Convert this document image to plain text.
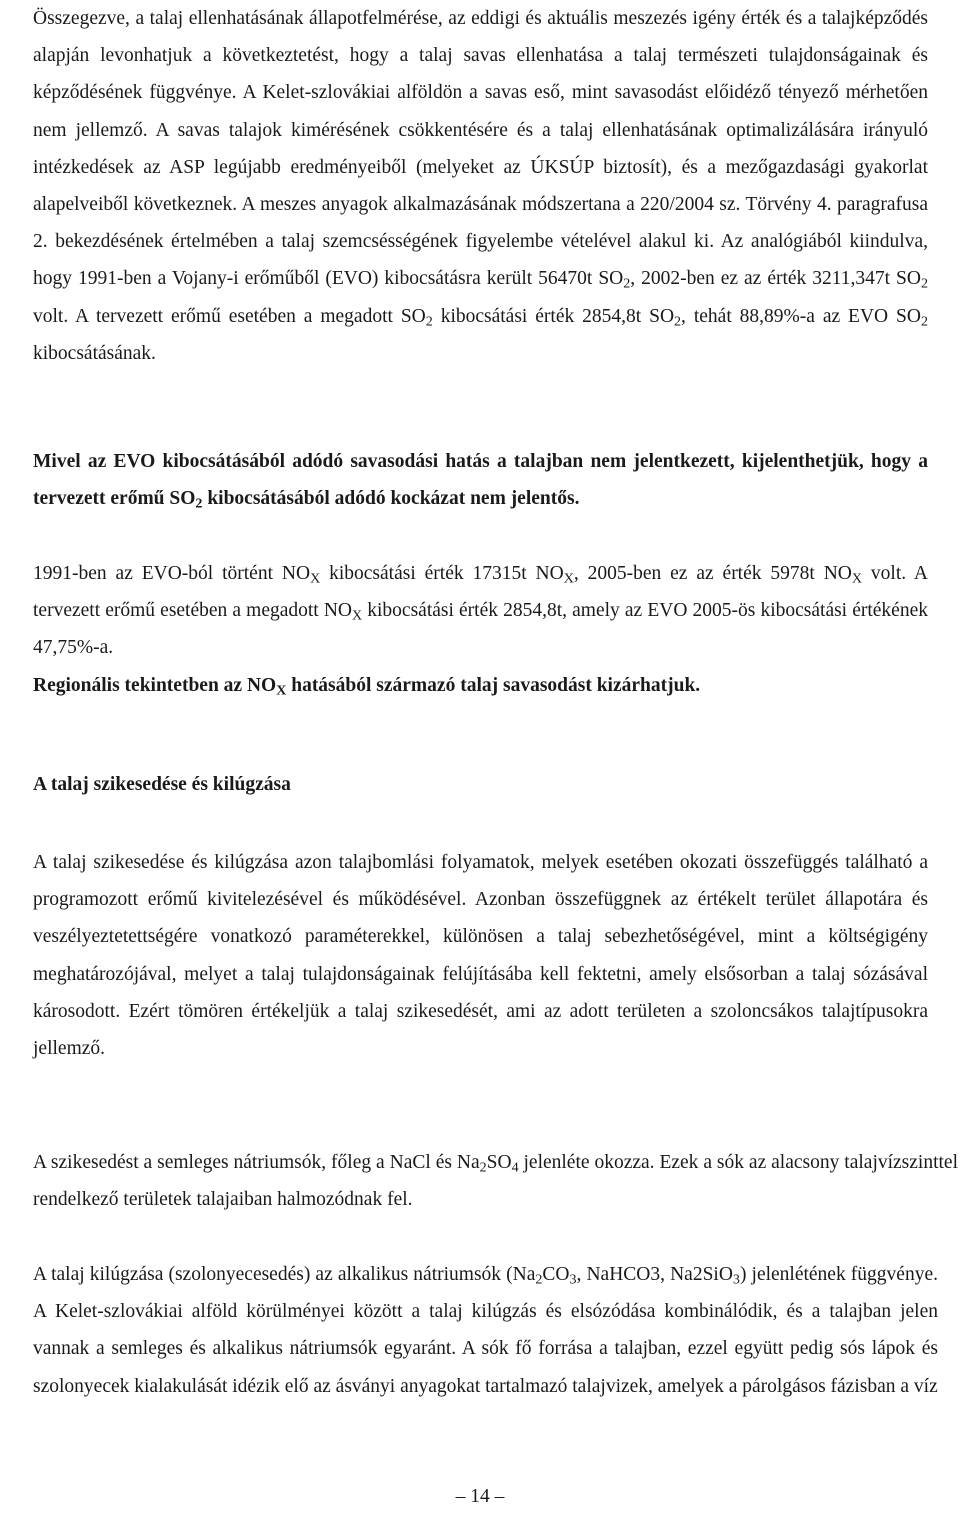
Összegezve, a talaj ellenhatásának állapotfelmérése, az eddigi és aktuális meszezés igény érték és a talajképződés alapján levonhatjuk a következtetést, hogy a talaj savas ellenhatása a talaj természeti tulajdonságainak és képződésének függvénye. A Kelet-szlovákiai alföldön a savas eső, mint savasodást előidéző tényező mérhetően nem jellemző. A savas talajok kimérésének csökkentésére és a talaj ellenhatásának optimalizálására irányuló intézkedések az ASP legújabb eredményeiből (melyeket az ÚKSÚP biztosít), és a mezőgazdasági gyakorlat alapelveiből következnek. A meszes anyagok alkalmazásának módszertana a 220/2004 sz. Törvény 4. paragrafusa 2. bekezdésének értelmében a talaj szemcsésségének figyelembe vételével alakul ki. Az analógiából kiindulva, hogy 1991-ben a Vojany-i erőműből (EVO) kibocsátásra került 56470t $SO_2$, 2002-ben ez az érték 3211,347t $SO_2$ volt. A tervezett erőmű esetében a megadott $SO_2$ kibocsátási érték 2854,8t $SO_2$, tehát 88,89%-a az EVO $SO_2$ kibocsátásának.

Mivel az EVO kibocsátásából adódó savasodási hatás a talajban nem jelentkezett, kijelenthetjük, hogy a tervezett erőmű $SO_2$ kibocsátásából adódó kockázat nem jelentős.

1991-ben az EVO-ból történt $NO_X$ kibocsátási érték 17315t $NO_X$, 2005-ben ez az érték 5978t $NO_X$ volt. A tervezett erőmű esetében a megadott $NO_X$ kibocsátási érték 2854,8t, amely az EVO 2005-ös kibocsátási értékének 47,75%-a.

Regionális tekintetben az $NO_X$ hatásából származó talaj savasodást kizárhatjuk.

A talaj szikesedése és kilúgzása

A talaj szikesedése és kilúgzása azon talajbomlási folyamatok, melyek esetében okozati összefüggés található a programozott erőmű kivitelezésével és működésével. Azonban összefüggnek az értékelt terület állapotára és veszélyeztetettségére vonatkozó paraméterekkel, különösen a talaj sebezhetőségével, mint a költségigény meghatározójával, melyet a talaj tulajdonságainak felújításába kell fektetni, amely elsősorban a talaj sózásával károsodott. Ezért tömören értékeljük a talaj szikesedését, ami az adott területen a szoloncsákos talajtípusokra jellemző.

A szikesedést a semleges nátriumsók, főleg a NaCl és $Na_2SO_4$ jelenléte okozza. Ezek a sók az alacsony talajvízszinttel rendelkező területek talajaiban halmozódnak fel.

A talaj kilúgzása (szolonyecesedés) az alkalikus nátriumsók ($Na_2CO_3$, NaHCO3, Na2SiO$_3$) jelenlétének függvénye. A Kelet-szlovákiai alföld körülményei között a talaj kilúgzás és elsózódása kombinálódik, és a talajban jelen vannak a semleges és alkalikus nátriumsók egyaránt. A sók fő forrása a talajban, ezzel együtt pedig sós lápok és szolonyecek kialakulását idézik elő az ásványi anyagokat tartalmazó talajvizek, amelyek a párolgásos fázisban a víz

– 14 –
